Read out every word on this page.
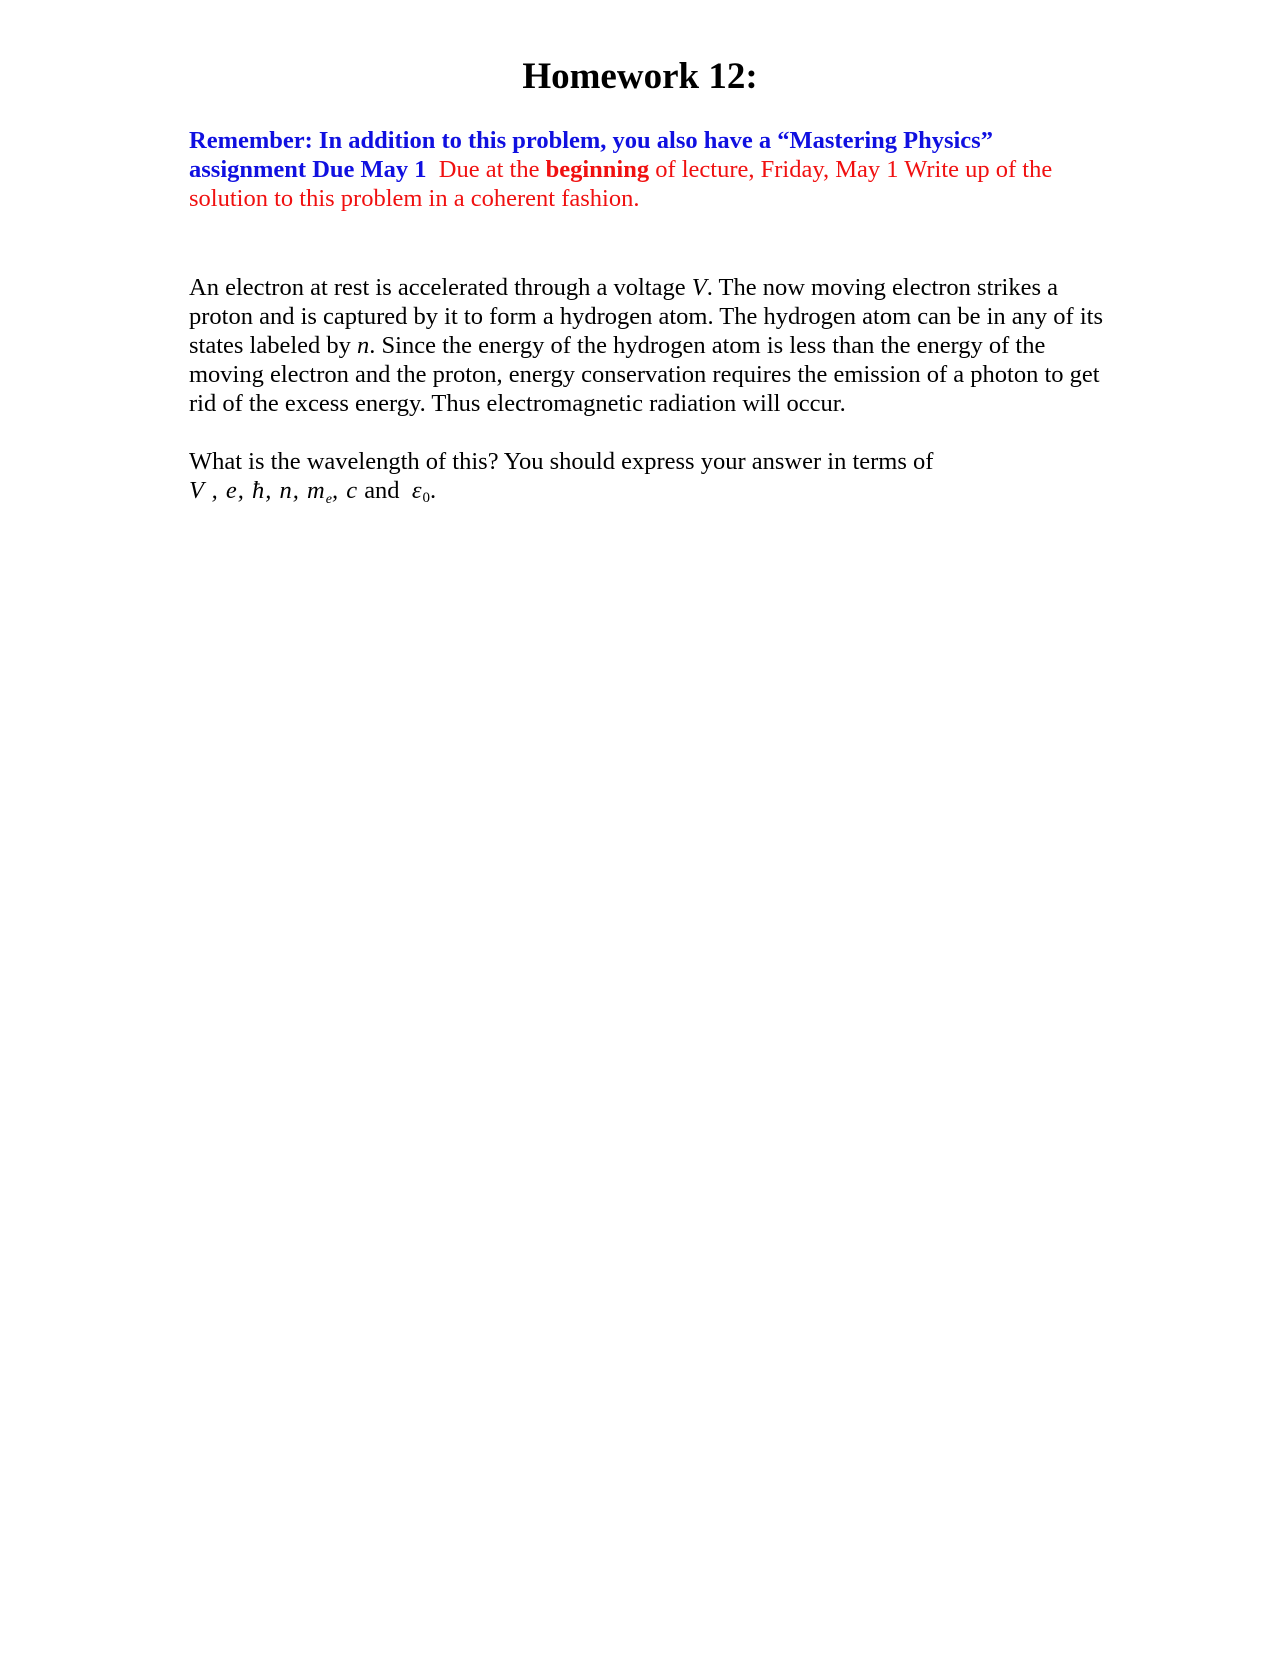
Homework 12:

Remember: In addition to this problem, you also have a “Mastering Physics” assignment Due May 1 Due at the beginning of lecture, Friday, May 1 Write up of the solution to this problem in a coherent fashion.

An electron at rest is accelerated through a voltage V. The now moving electron strikes a proton and is captured by it to form a hydrogen atom. The hydrogen atom can be in any of its states labeled by n. Since the energy of the hydrogen atom is less than the energy of the moving electron and the proton, energy conservation requires the emission of a photon to get rid of the excess energy. Thus electromagnetic radiation will occur.

What is the wavelength of this? You should express your answer in terms of
V , e, ħ, n, $m_e$, c and $\varepsilon_0$.
